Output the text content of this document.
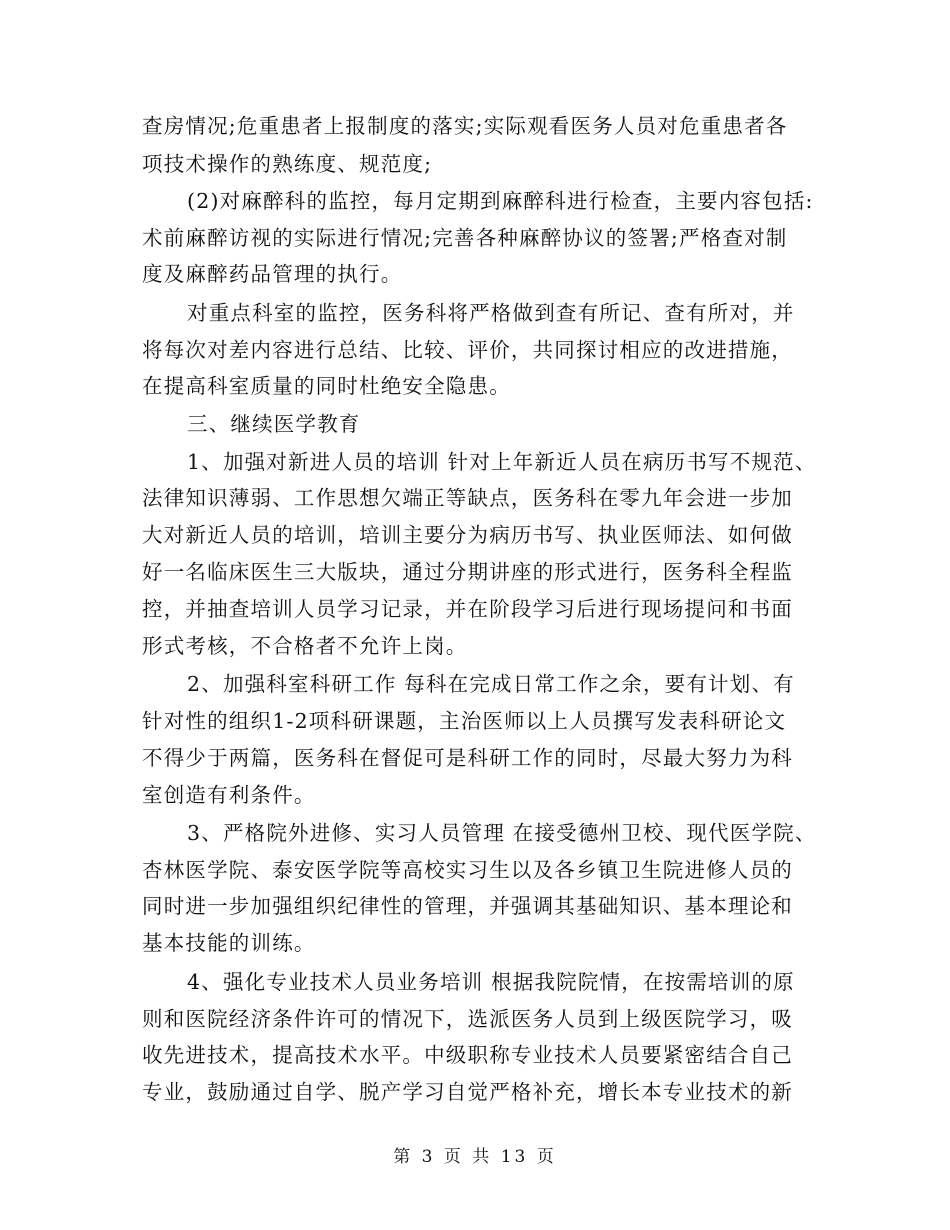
查房情况;危重患者上报制度的落实;实际观看医务人员对危重患者各
项技术操作的熟练度、规范度;
(2)对麻醉科的监控，每月定期到麻醉科进行检查，主要内容包括:
术前麻醉访视的实际进行情况;完善各种麻醉协议的签署;严格查对制
度及麻醉药品管理的执行。
对重点科室的监控，医务科将严格做到查有所记、查有所对，并
将每次对差内容进行总结、比较、评价，共同探讨相应的改进措施，
在提高科室质量的同时杜绝安全隐患。
三、继续医学教育
1、加强对新进人员的培训 针对上年新近人员在病历书写不规范、
法律知识薄弱、工作思想欠端正等缺点，医务科在零九年会进一步加
大对新近人员的培训，培训主要分为病历书写、执业医师法、如何做
好一名临床医生三大版块，通过分期讲座的形式进行，医务科全程监
控，并抽查培训人员学习记录，并在阶段学习后进行现场提问和书面
形式考核，不合格者不允许上岗。
2、加强科室科研工作 每科在完成日常工作之余，要有计划、有
针对性的组织1-2项科研课题，主治医师以上人员撰写发表科研论文
不得少于两篇，医务科在督促可是科研工作的同时，尽最大努力为科
室创造有利条件。
3、严格院外进修、实习人员管理 在接受德州卫校、现代医学院、
杏林医学院、泰安医学院等高校实习生以及各乡镇卫生院进修人员的
同时进一步加强组织纪律性的管理，并强调其基础知识、基本理论和
基本技能的训练。
4、强化专业技术人员业务培训 根据我院院情，在按需培训的原
则和医院经济条件许可的情况下，选派医务人员到上级医院学习，吸
收先进技术，提高技术水平。中级职称专业技术人员要紧密结合自己
专业，鼓励通过自学、脱产学习自觉严格补充，增长本专业技术的新
第 3 页 共 13 页
